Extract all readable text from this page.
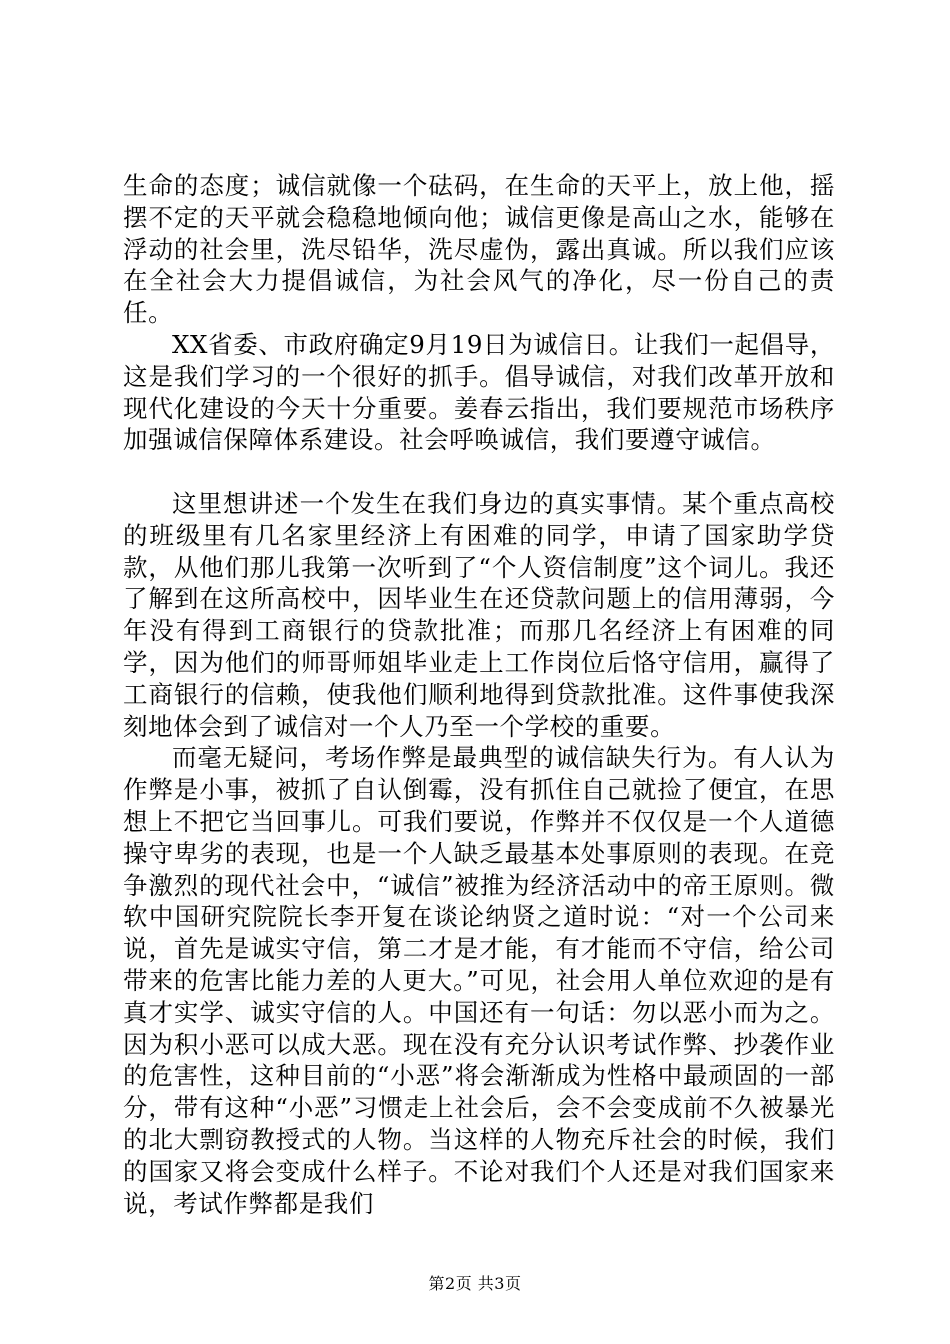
生命的态度；诚信就像一个砝码，在生命的天平上，放上他，摇摆不定的天平就会稳稳地倾向他；诚信更像是高山之水，能够在浮动的社会里，洗尽铅华，洗尽虚伪，露出真诚。所以我们应该在全社会大力提倡诚信，为社会风气的净化，尽一份自己的责任。

XX省委、市政府确定9月19日为诚信日。让我们一起倡导，这是我们学习的一个很好的抓手。倡导诚信，对我们改革开放和现代化建设的今天十分重要。姜春云指出，我们要规范市场秩序加强诚信保障体系建设。社会呼唤诚信，我们要遵守诚信。

这里想讲述一个发生在我们身边的真实事情。某个重点高校的班级里有几名家里经济上有困难的同学，申请了国家助学贷款，从他们那儿我第一次听到了“个人资信制度”这个词儿。我还了解到在这所高校中，因毕业生在还贷款问题上的信用薄弱，今年没有得到工商银行的贷款批准；而那几名经济上有困难的同学，因为他们的师哥师姐毕业走上工作岗位后恪守信用，赢得了工商银行的信赖，使我他们顺利地得到贷款批准。这件事使我深刻地体会到了诚信对一个人乃至一个学校的重要。

而毫无疑问，考场作弊是最典型的诚信缺失行为。有人认为作弊是小事，被抓了自认倒霉，没有抓住自己就捡了便宜，在思想上不把它当回事儿。可我们要说，作弊并不仅仅是一个人道德操守卑劣的表现，也是一个人缺乏最基本处事原则的表现。在竞争激烈的现代社会中，“诚信”被推为经济活动中的帝王原则。微软中国研究院院长李开复在谈论纳贤之道时说：“对一个公司来说，首先是诚实守信，第二才是才能，有才能而不守信，给公司带来的危害比能力差的人更大。”可见，社会用人单位欢迎的是有真才实学、诚实守信的人。中国还有一句话：勿以恶小而为之。因为积小恶可以成大恶。现在没有充分认识考试作弊、抄袭作业的危害性，这种目前的“小恶”将会渐渐成为性格中最顽固的一部分，带有这种“小恶”习惯走上社会后，会不会变成前不久被暴光的北大剽窃教授式的人物。当这样的人物充斥社会的时候，我们的国家又将会变成什么样子。不论对我们个人还是对我们国家来说，考试作弊都是我们

第2页 共3页
